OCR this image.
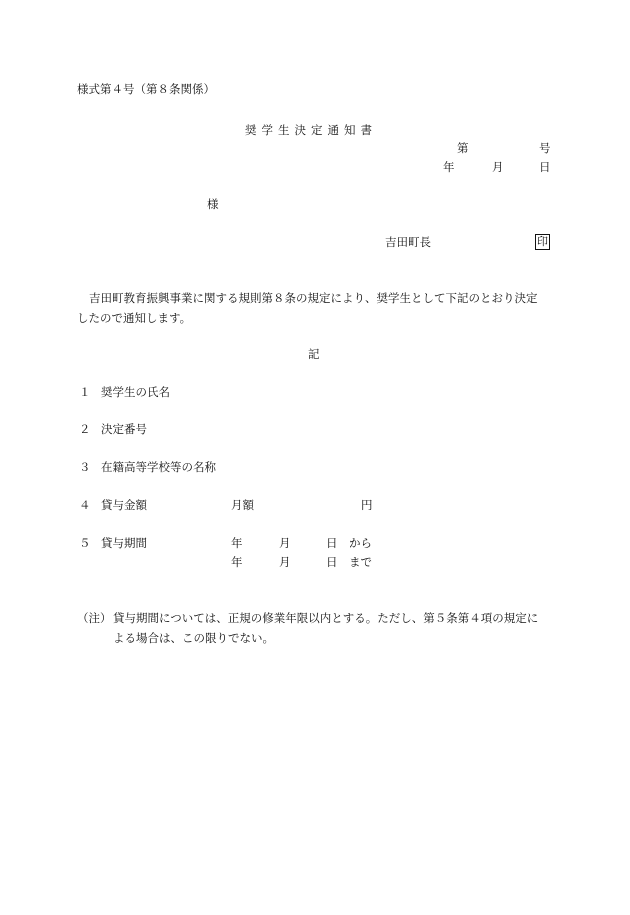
様式第４号（第８条関係）
奨学生決定通知書
第	号
年	月	日
様
吉田町長	印
吉田町教育振興事業に関する規則第８条の規定により、奨学生として下記のとおり決定
したので通知します。
記
１ 奨学生の氏名
２ 決定番号
３ 在籍高等学校等の名称
４ 貸与金額	月額	円
５ 貸与期間	年	月	日 から
年	月	日 まで
（注） 貸与期間については、正規の修業年限以内とする。ただし、第５条第４項の規定に
よる場合は、この限りでない。
